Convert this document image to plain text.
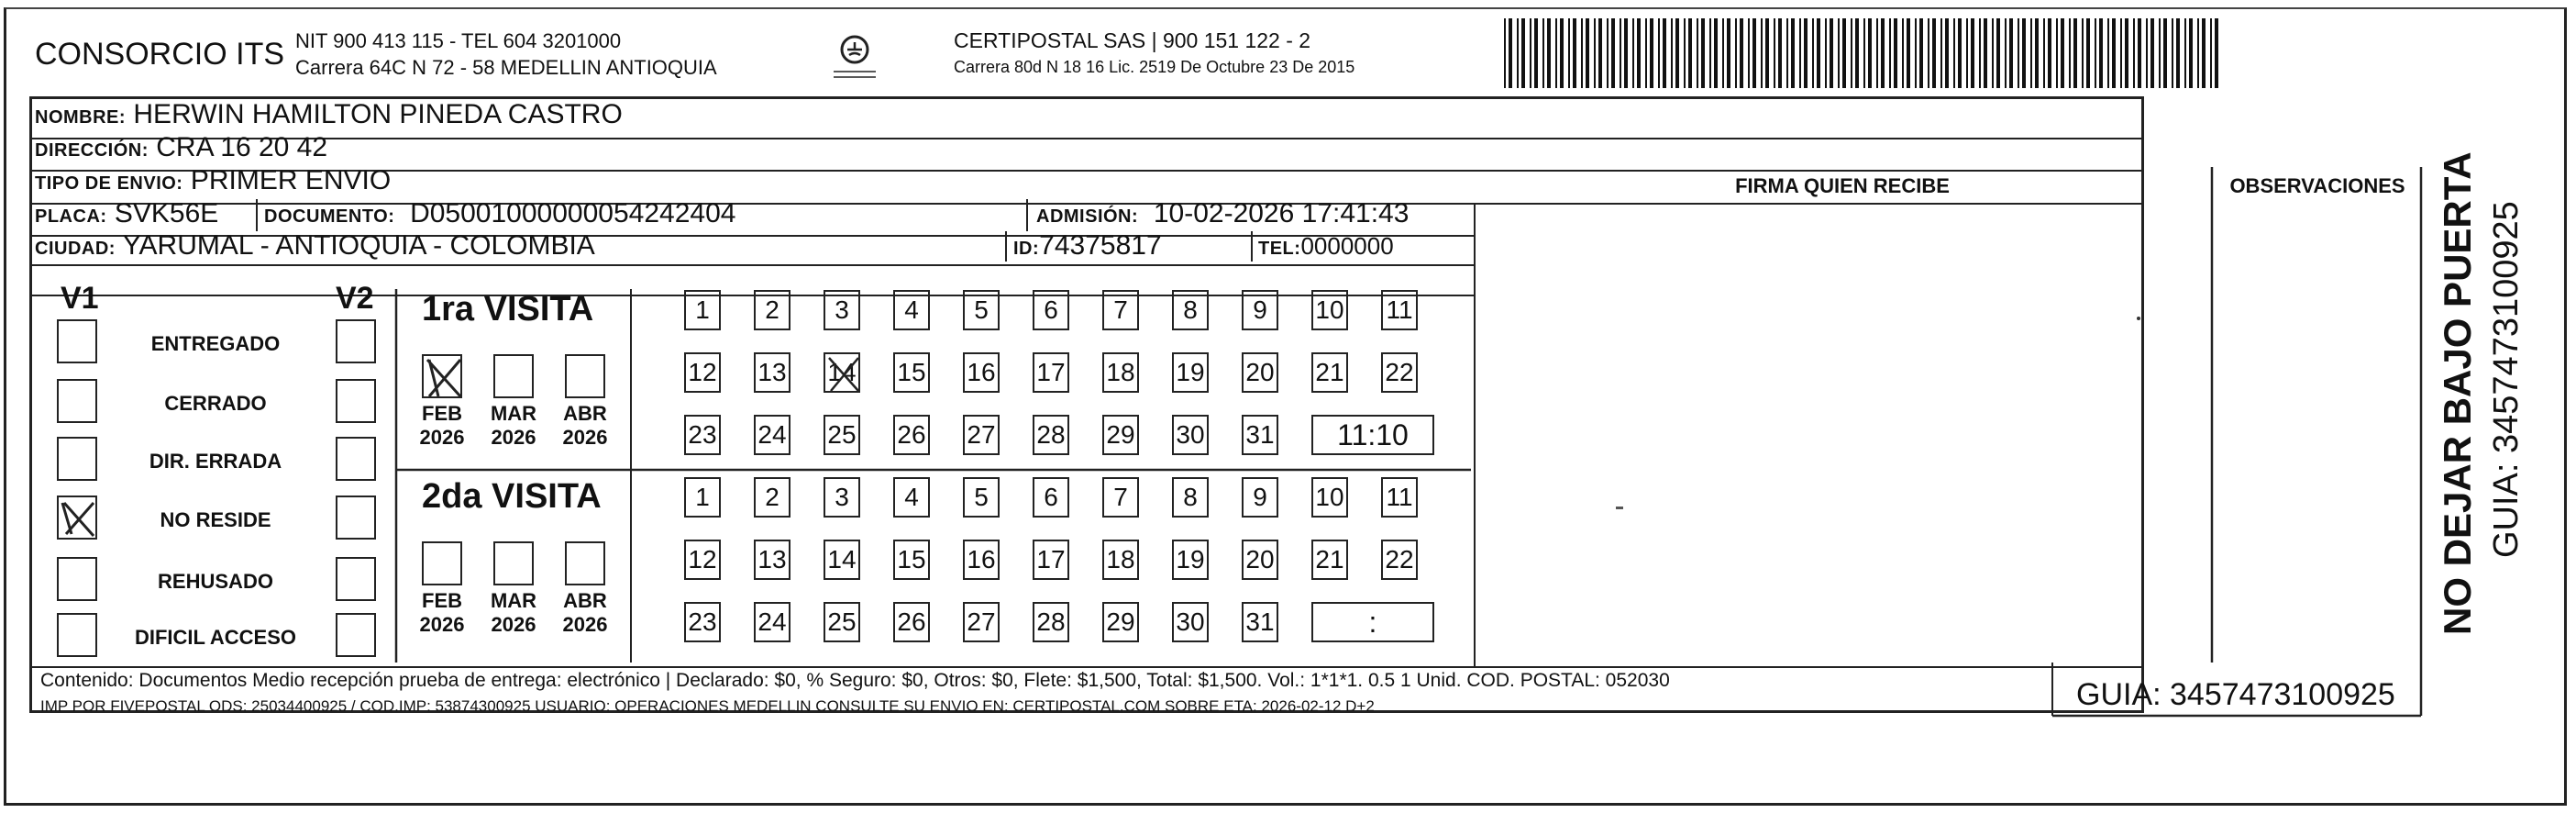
CONSORCIO ITS NIT 900 413 115 - TEL 604 3201000
Carrera 64C N 72 - 58 MEDELLIN ANTIOQUIA
CERTIPOSTAL SAS | 900 151 122 - 2
Carrera 80d N 18 16 Lic. 2519 De Octubre 23 De 2015
NOMBRE: HERWIN HAMILTON PINEDA CASTRO
DIRECCIÓN: CRA 16 20 42
TIPO DE ENVIO: PRIMER ENVIO
PLACA: SVK56E DOCUMENTO: D05001000000054242404	ADMISIÓN: 10-02-2026 17:41:43
CIUDAD: YARUMAL - ANTIOQUIA - COLOMBIA	ID:74375817	TEL:0000000
FIRMA QUIEN RECIBE	OBSERVACIONES
V1	V2
ENTREGADO
CERRADO
DIR. ERRADA
NO RESIDE
REHUSADO
DIFICIL ACCESO
1ra VISITA
FEB
2026
MAR
2026
ABR
2026
1 2 3 4 5 6 7 8 9 10 11
12 13 14 15 16 17 18 19 20 21 22
23 24 25 26 27 28 29 30 31	11:10
2da VISITA
FEB
2026
MAR
2026
ABR
2026
1 2 3 4 5 6 7 8 9 10 11
12 13 14 15 16 17 18 19 20 21 22
23 24 25 26 27 28 29 30 31	:
Contenido: Documentos Medio recepción prueba de entrega: electrónico | Declarado: $0, % Seguro: $0, Otros: $0, Flete: $1,500, Total: $1,500. Vol.: 1*1*1. 0.5 1 Unid. COD. POSTAL: 052030
IMP POR FIVEPOSTAL ODS: 25034400925 / COD.IMP: 53874300925 USUARIO: OPERACIONES MEDELLIN CONSULTE SU ENVIO EN: CERTIPOSTAL.COM SOBRE ETA: 2026-02-12 D+2	GUIA: 3457473100925
NO DEJAR BAJO PUERTA GUIA: 3457473100925
